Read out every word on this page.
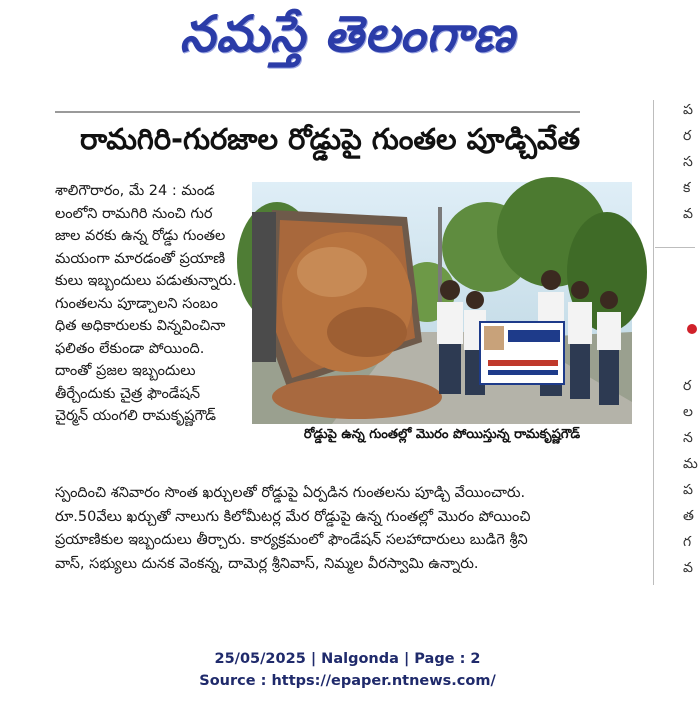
నమస్తే తెలంగాణ
ప
ర
స
క
వ
ర
ల
న
మ
ప
త
గ
వ
రామగిరి-గురజాల రోడ్డుపై గుంతల పూడ్చివేత

శాలిగౌరారం, మే 24 : మండ

లంలోని రామగిరి నుంచి గుర

జాల వరకు ఉన్న రోడ్డు గుంతల

మయంగా మారడంతో ప్రయాణి

కులు ఇబ్బందులు పడుతున్నారు.

గుంతలను పూడ్చాలని సంబం

ధిత అధికారులకు విన్నవించినా

ఫలితం లేకుండా పోయింది.

దాంతో ప్రజల ఇబ్బందులు

తీర్చేందుకు చైత్ర ఫౌండేషన్

చైర్మన్ యంగలి రామకృష్ణగౌడ్

రోడ్డుపై ఉన్న గుంతల్లో మొరం పోయిస్తున్న రామకృష్ణగౌడ్

స్పందించి శనివారం సొంత ఖర్చులతో రోడ్డుపై ఏర్పడిన గుంతలను పూడ్చి వేయించారు.

రూ.50వేలు ఖర్చుతో నాలుగు కిలోమీటర్ల మేర రోడ్డుపై ఉన్న గుంతల్లో మొరం పోయించి

ప్రయాణికుల ఇబ్బందులు తీర్చారు. కార్యక్రమంలో ఫౌండేషన్ సలహాదారులు బుడిగె శ్రీని

వాస్, సభ్యులు దునక వెంకన్న, దామెర్ల శ్రీనివాస్, నిమ్మల వీరస్వామి ఉన్నారు.

25/05/2025 | Nalgonda | Page : 2
Source : https://epaper.ntnews.com/
